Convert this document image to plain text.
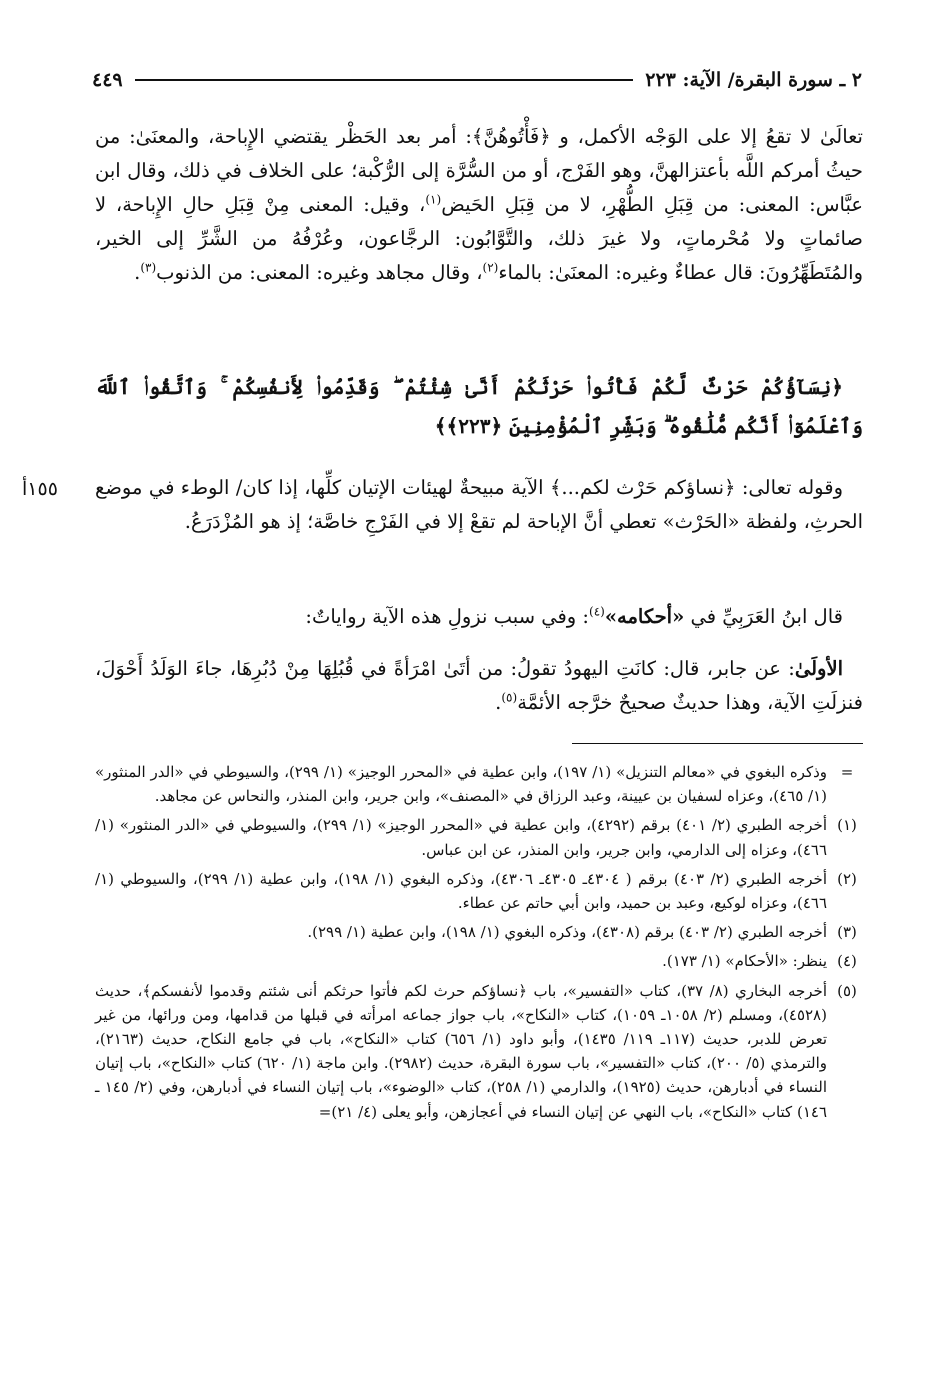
٢ ـ سورة البقرة/ الآية: ٢٢٣
٤٤٩

تعالَىٰ لا تقعُ إلا على الوَجْه الأكمل، و ﴿فَأْتُوهُنَّ﴾: أمر بعد الحَظْر يقتضي الإِباحة، والمعنَىٰ: من حيثُ أمركم اللَّه بأعتزالهنَّ، وهو الفَرْج، أو من السُّرَّة إلى الرُّكْبة؛ على الخلاف في ذلك، وقال ابن عبَّاس: المعنى: من قِبَلِ الطُّهْرِ، لا من قِبَلِ الحَيض$^{(١)}$، وقيل: المعنى مِنْ قِبَلِ حالِ الإِباحة، لا صائماتٍ ولا مُحْرماتٍ، ولا غيرَ ذلك، والتَّوَّابُون: الرجَّاعون، وعُرْفُهُ من الشَّرِّ إلى الخير، والمُتَطَهِّرُونَ: قال عطاءٌ وغيره: المعنَىٰ: بالماء$^{(٢)}$، وقال مجاهد وغيره: المعنى: من الذنوب$^{(٣)}$.

﴿نِسَآؤُكُمْ حَرْثٌ لَّكُمْ فَأْتُوا۟ حَرْثَكُمْ أَنَّىٰ شِئْتُمْ ۖ وَقَدِّمُوا۟ لِأَنفُسِكُمْ ۚ وَٱتَّقُوا۟ ٱللَّهَ وَٱعْلَمُوٓا۟ أَنَّكُم مُّلَٰقُوهُ ۗ وَبَشِّرِ ٱلْمُؤْمِنِينَ ﴿٢٢٣﴾﴾
١٥٥أ	وقوله تعالى: ﴿نساؤكم حَرْث لكم...﴾ الآية مبيحةٌ لهيئات الإتيان كلِّها، إذا كان/ الوطء في موضع الحرثِ، ولفظة «الحَرْث» تعطي أنَّ الإباحة لم تقعْ إلا في الفَرْجِ خاصَّة؛ إذ هو المُزْدَرَعُ.
قال ابنُ العَرَبِيِّ في «أحكامه»$^{(٤)}$: وفي سبب نزولِ هذه الآية رواياتٌ:
الأولَىٰ: عن جابر، قال: كانَتِ اليهودُ تقولُ: من أتَىٰ امْرَأةً في قُبُلِهَا مِنْ دُبُرِهَا، جاءَ الوَلَدُ أَحْوَلَ، فنزلَتِ الآية، وهذا حديثٌ صحيحٌ خرَّجه الأئمَّة$^{(٥)}$.
=
وذكره البغوي في «معالم التنزيل» (١/ ١٩٧)، وابن عطية في «المحرر الوجيز» (١/ ٢٩٩)، والسيوطي في «الدر المنثور» (١/ ٤٦٥)، وعزاه لسفيان بن عيينة، وعبد الرزاق في «المصنف»، وابن جرير، وابن المنذر، والنحاس عن مجاهد.
(١)
أخرجه الطبري (٢/ ٤٠١) برقم (٤٢٩٢)، وابن عطية في «المحرر الوجيز» (١/ ٢٩٩)، والسيوطي في «الدر المنثور» (١/ ٤٦٦)، وعزاه إلى الدارمي، وابن جرير، وابن المنذر، عن ابن عباس.
(٢)
أخرجه الطبري (٢/ ٤٠٣) برقم ( ٤٣٠٤ـ ٤٣٠٥ـ ٤٣٠٦)، وذكره البغوي (١/ ١٩٨)، وابن عطية (١/ ٢٩٩)، والسيوطي (١/ ٤٦٦)، وعزاه لوكيع، وعبد بن حميد، وابن أبي حاتم عن عطاء.
(٣)
أخرجه الطبري (٢/ ٤٠٣) برقم (٤٣٠٨)، وذكره البغوي (١/ ١٩٨)، وابن عطية (١/ ٢٩٩).
(٤)
ينظر: «الأحكام» (١/ ١٧٣).
(٥)
أخرجه البخاري (٨/ ٣٧)، كتاب «التفسير»، باب ﴿نساؤكم حرث لكم فأتوا حرثكم أنى شئتم وقدموا لأنفسكم﴾، حديث (٤٥٢٨)، ومسلم (٢/ ١٠٥٨ـ ١٠٥٩)، كتاب «النكاح»، باب جواز جماعه امرأته في قبلها من قدامها، ومن ورائها، من غير تعرض للدبر، حديث (١١٧ـ ١١٩/ ١٤٣٥)، وأبو داود (١/ ٦٥٦) كتاب «النكاح»، باب في جامع النكاح، حديث (٢١٦٣)، والترمذي (٥/ ٢٠٠)، كتاب «التفسير»، باب سورة البقرة، حديث (٢٩٨٢). وابن ماجة (١/ ٦٢٠) كتاب «النكاح»، باب إتيان النساء في أدبارهن، حديث (١٩٢٥)، والدارمي (١/ ٢٥٨)، كتاب «الوضوء»، باب إتيان النساء في أدبارهن، وفي (٢/ ١٤٥ ـ ١٤٦) كتاب «النكاح»، باب النهي عن إتيان النساء في أعجازهن، وأبو يعلى (٤/ ٢١)=
